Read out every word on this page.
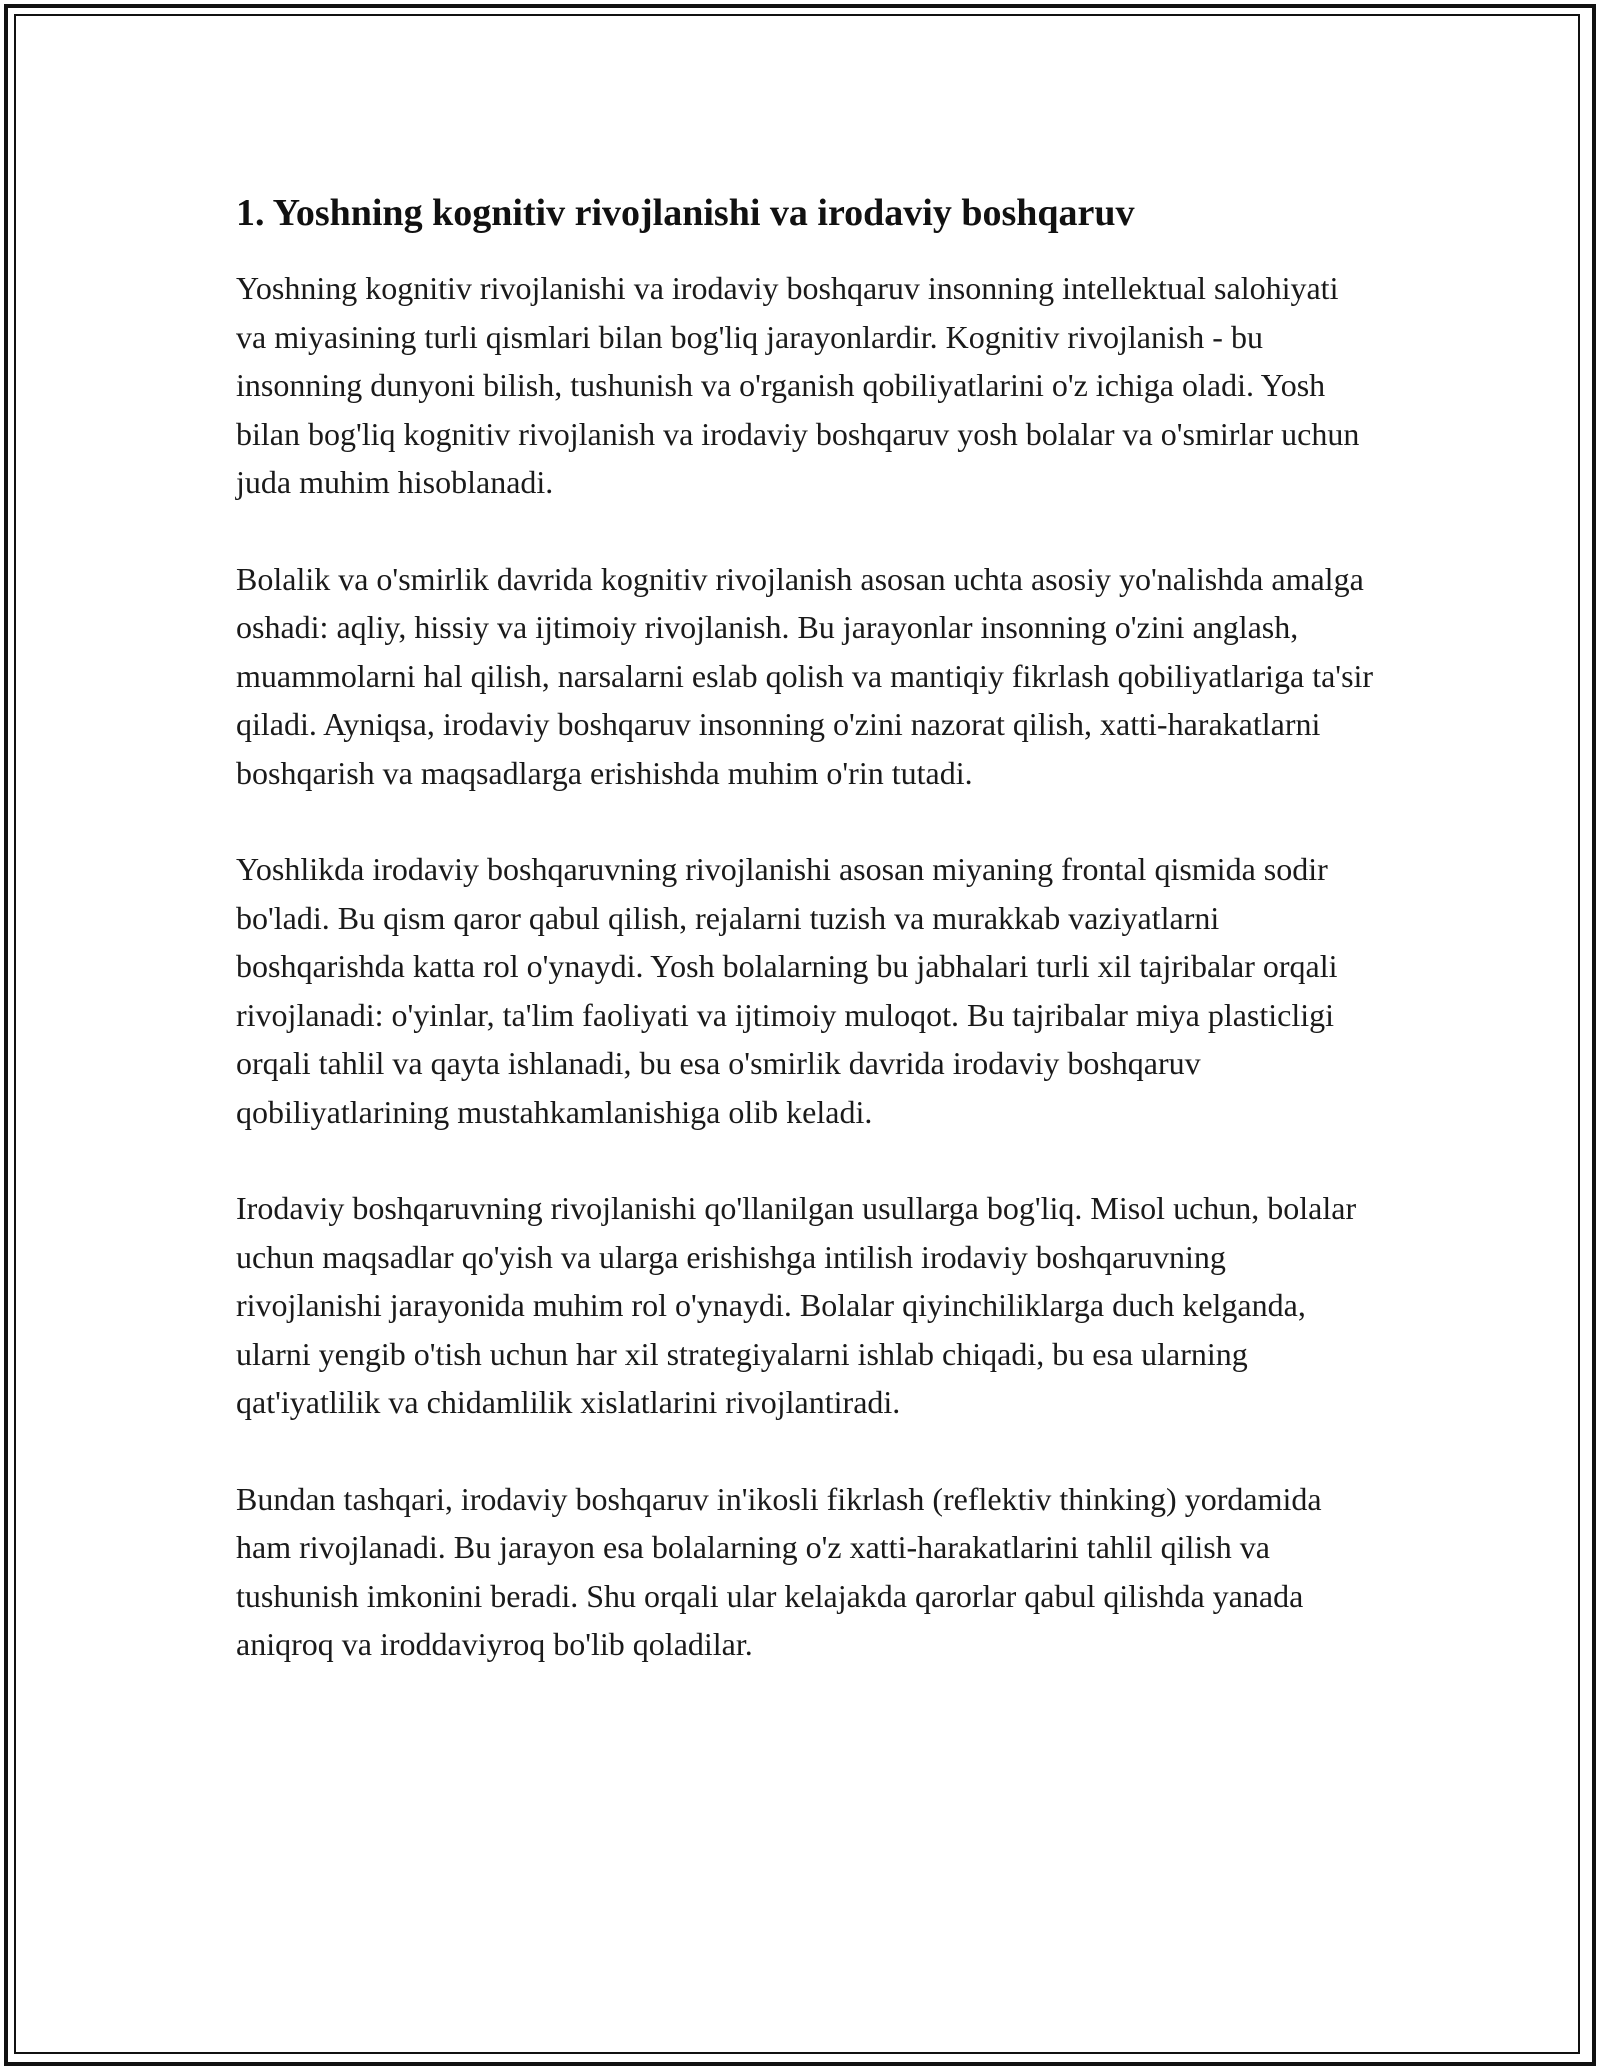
1. Yoshning kognitiv rivojlanishi va irodaviy boshqaruv

Yoshning kognitiv rivojlanishi va irodaviy boshqaruv insonning intellektual salohiyati va miyasining turli qismlari bilan bog'liq jarayonlardir. Kognitiv rivojlanish - bu insonning dunyoni bilish, tushunish va o'rganish qobiliyatlarini o'z ichiga oladi. Yosh bilan bog'liq kognitiv rivojlanish va irodaviy boshqaruv yosh bolalar va o'smirlar uchun juda muhim hisoblanadi.

Bolalik va o'smirlik davrida kognitiv rivojlanish asosan uchta asosiy yo'nalishda amalga oshadi: aqliy, hissiy va ijtimoiy rivojlanish. Bu jarayonlar insonning o'zini anglash, muammolarni hal qilish, narsalarni eslab qolish va mantiqiy fikrlash qobiliyatlariga ta'sir qiladi. Ayniqsa, irodaviy boshqaruv insonning o'zini nazorat qilish, xatti-harakatlarni boshqarish va maqsadlarga erishishda muhim o'rin tutadi.

Yoshlikda irodaviy boshqaruvning rivojlanishi asosan miyaning frontal qismida sodir bo'ladi. Bu qism qaror qabul qilish, rejalarni tuzish va murakkab vaziyatlarni boshqarishda katta rol o'ynaydi. Yosh bolalarning bu jabhalari turli xil tajribalar orqali rivojlanadi: o'yinlar, ta'lim faoliyati va ijtimoiy muloqot. Bu tajribalar miya plasticligi orqali tahlil va qayta ishlanadi, bu esa o'smirlik davrida irodaviy boshqaruv qobiliyatlarining mustahkamlanishiga olib keladi.

Irodaviy boshqaruvning rivojlanishi qo'llanilgan usullarga bog'liq. Misol uchun, bolalar uchun maqsadlar qo'yish va ularga erishishga intilish irodaviy boshqaruvning rivojlanishi jarayonida muhim rol o'ynaydi. Bolalar qiyinchiliklarga duch kelganda, ularni yengib o'tish uchun har xil strategiyalarni ishlab chiqadi, bu esa ularning qat'iyatlilik va chidamlilik xislatlarini rivojlantiradi.

Bundan tashqari, irodaviy boshqaruv in'ikosli fikrlash (reflektiv thinking) yordamida ham rivojlanadi. Bu jarayon esa bolalarning o'z xatti-harakatlarini tahlil qilish va tushunish imkonini beradi. Shu orqali ular kelajakda qarorlar qabul qilishda yanada aniqroq va iroddaviyroq bo'lib qoladilar.
